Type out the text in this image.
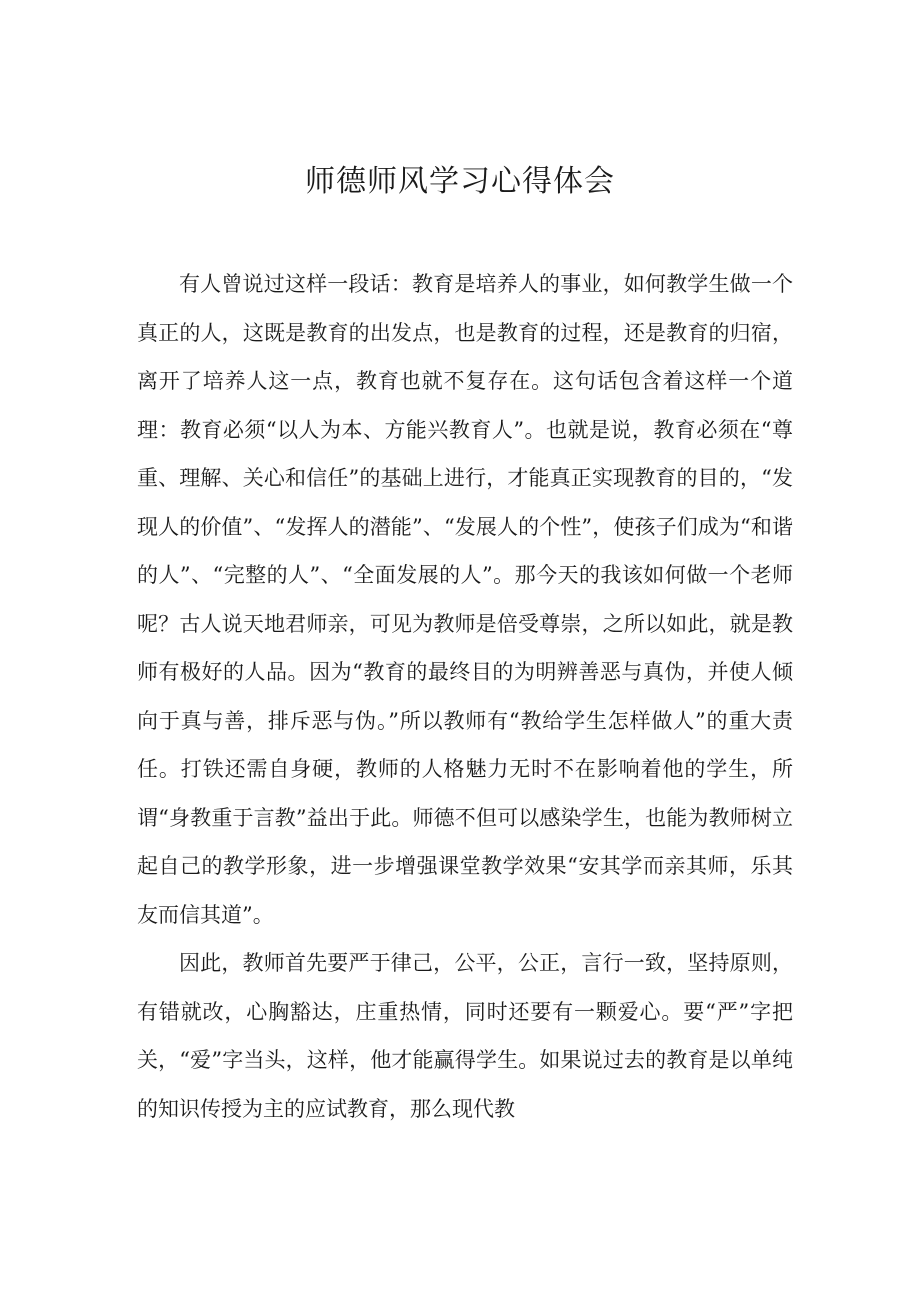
师德师风学习心得体会

有人曾说过这样一段话：教育是培养人的事业，如何教学生做一个真正的人，这既是教育的出发点，也是教育的过程，还是教育的归宿，离开了培养人这一点，教育也就不复存在。这句话包含着这样一个道理：教育必须“以人为本、方能兴教育人”。也就是说，教育必须在“尊重、理解、关心和信任”的基础上进行，才能真正实现教育的目的，“发现人的价值”、“发挥人的潜能”、“发展人的个性”，使孩子们成为“和谐的人”、“完整的人”、“全面发展的人”。那今天的我该如何做一个老师呢？古人说天地君师亲，可见为教师是倍受尊崇，之所以如此，就是教师有极好的人品。因为“教育的最终目的为明辨善恶与真伪，并使人倾向于真与善，排斥恶与伪。”所以教师有“教给学生怎样做人”的重大责任。打铁还需自身硬，教师的人格魅力无时不在影响着他的学生，所谓“身教重于言教”益出于此。师德不但可以感染学生，也能为教师树立起自己的教学形象，进一步增强课堂教学效果“安其学而亲其师，乐其友而信其道”。

因此，教师首先要严于律己，公平，公正，言行一致，坚持原则，有错就改，心胸豁达，庄重热情，同时还要有一颗爱心。要“严”字把关，“爱”字当头，这样，他才能赢得学生。如果说过去的教育是以单纯的知识传授为主的应试教育，那么现代教
